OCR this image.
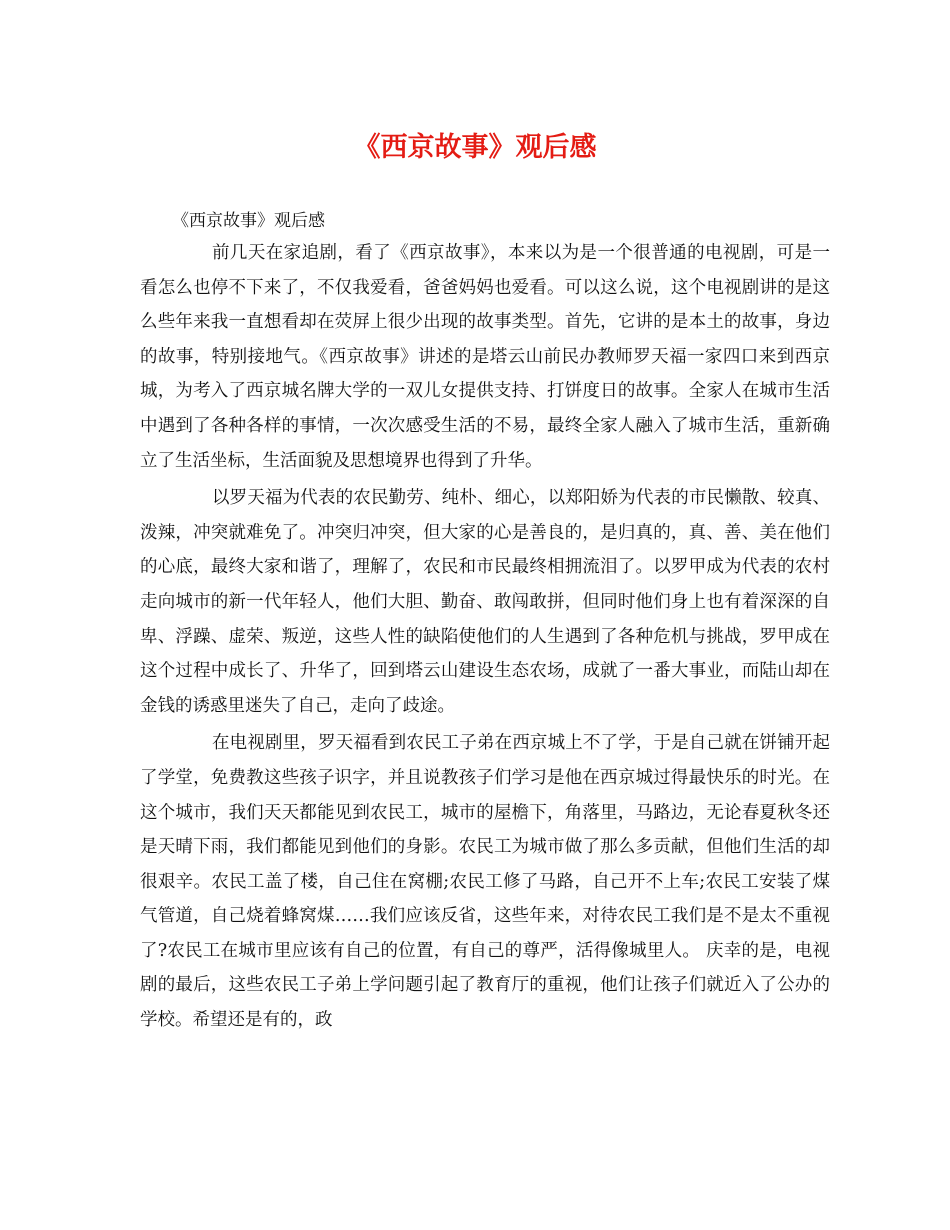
《西京故事》观后感
《西京故事》观后感

前几天在家追剧，看了《西京故事》，本来以为是一个很普通的电视剧，可是一看怎么也停不下来了，不仅我爱看，爸爸妈妈也爱看。可以这么说，这个电视剧讲的是这么些年来我一直想看却在荧屏上很少出现的故事类型。首先，它讲的是本土的故事，身边的故事，特别接地气。《西京故事》讲述的是塔云山前民办教师罗天福一家四口来到西京城，为考入了西京城名牌大学的一双儿女提供支持、打饼度日的故事。全家人在城市生活中遇到了各种各样的事情，一次次感受生活的不易，最终全家人融入了城市生活，重新确立了生活坐标，生活面貌及思想境界也得到了升华。

以罗天福为代表的农民勤劳、纯朴、细心，以郑阳娇为代表的市民懒散、较真、泼辣，冲突就难免了。冲突归冲突，但大家的心是善良的，是归真的，真、善、美在他们的心底，最终大家和谐了，理解了，农民和市民最终相拥流泪了。以罗甲成为代表的农村走向城市的新一代年轻人，他们大胆、勤奋、敢闯敢拼，但同时他们身上也有着深深的自卑、浮躁、虚荣、叛逆，这些人性的缺陷使他们的人生遇到了各种危机与挑战，罗甲成在这个过程中成长了、升华了，回到塔云山建设生态农场，成就了一番大事业，而陆山却在金钱的诱惑里迷失了自己，走向了歧途。

在电视剧里，罗天福看到农民工子弟在西京城上不了学，于是自己就在饼铺开起了学堂，免费教这些孩子识字，并且说教孩子们学习是他在西京城过得最快乐的时光。在这个城市，我们天天都能见到农民工，城市的屋檐下，角落里，马路边，无论春夏秋冬还是天晴下雨，我们都能见到他们的身影。农民工为城市做了那么多贡献，但他们生活的却很艰辛。农民工盖了楼，自己住在窝棚;农民工修了马路，自己开不上车;农民工安装了煤气管道，自己烧着蜂窝煤……我们应该反省，这些年来，对待农民工我们是不是太不重视了?农民工在城市里应该有自己的位置，有自己的尊严，活得像城里人。 庆幸的是，电视剧的最后，这些农民工子弟上学问题引起了教育厅的重视，他们让孩子们就近入了公办的学校。希望还是有的，政
